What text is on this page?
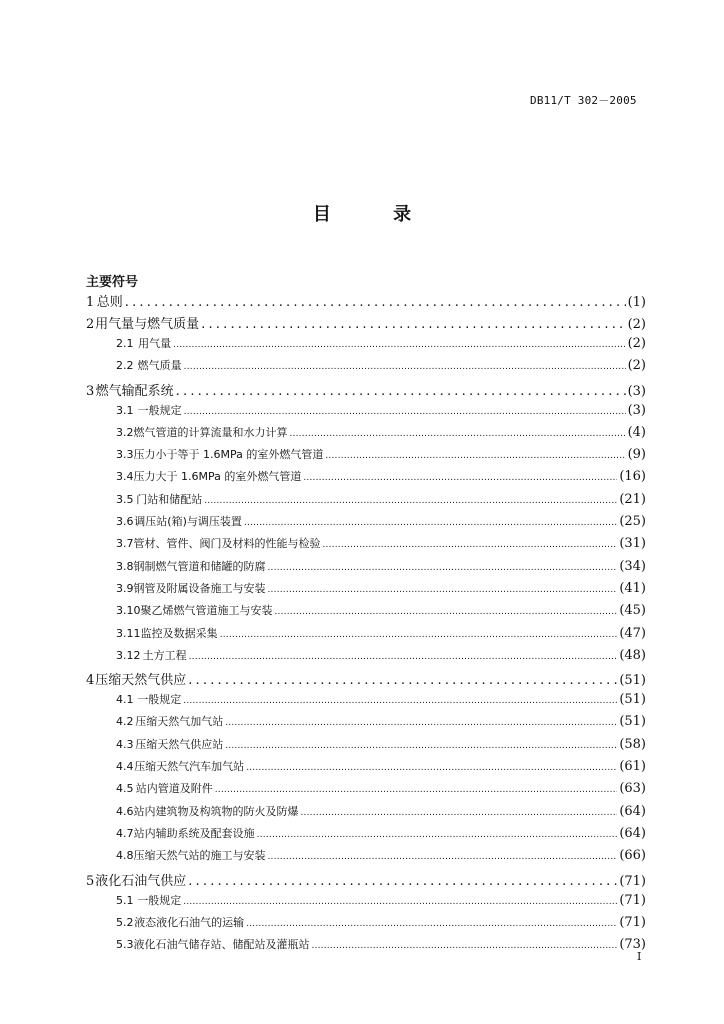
DB11/T 302－2005
目 录
主要符号
1 总则 .....	(1)
2 用气量与燃气质量 .....	(2)
2.1 用气量 .....	(2)
2.2 燃气质量 .....	(2)
3 燃气输配系统 .....	(3)
3.1 一般规定 .....	(3)
3.2 燃气管道的计算流量和水力计算 .....	(4)
3.3 压力小于等于 1.6MPa 的室外燃气管道 .....	(9)
3.4 压力大于 1.6MPa 的室外燃气管道 .....	(16)
3.5 门站和储配站 .....	(21)
3.6 调压站(箱)与调压装置 .....	(25)
3.7 管材、管件、阀门及材料的性能与检验 .....	(31)
3.8 钢制燃气管道和储罐的防腐 .....	(34)
3.9 钢管及附属设备施工与安装 .....	(41)
3.10 聚乙烯燃气管道施工与安装 .....	(45)
3.11 监控及数据采集 .....	(47)
3.12 土方工程 .....	(48)
4 压缩天然气供应 .....	(51)
4.1 一般规定 .....	(51)
4.2 压缩天然气加气站 .....	(51)
4.3 压缩天然气供应站 .....	(58)
4.4 压缩天然气汽车加气站 .....	(61)
4.5 站内管道及附件 .....	(63)
4.6 站内建筑物及构筑物的防火及防爆 .....	(64)
4.7 站内辅助系统及配套设施 .....	(64)
4.8 压缩天然气站的施工与安装 .....	(66)
5 液化石油气供应 .....	(71)
5.1 一般规定 .....	(71)
5.2 液态液化石油气的运输 .....	(71)
5.3 液化石油气储存站、储配站及灌瓶站 .....	(73)
I
